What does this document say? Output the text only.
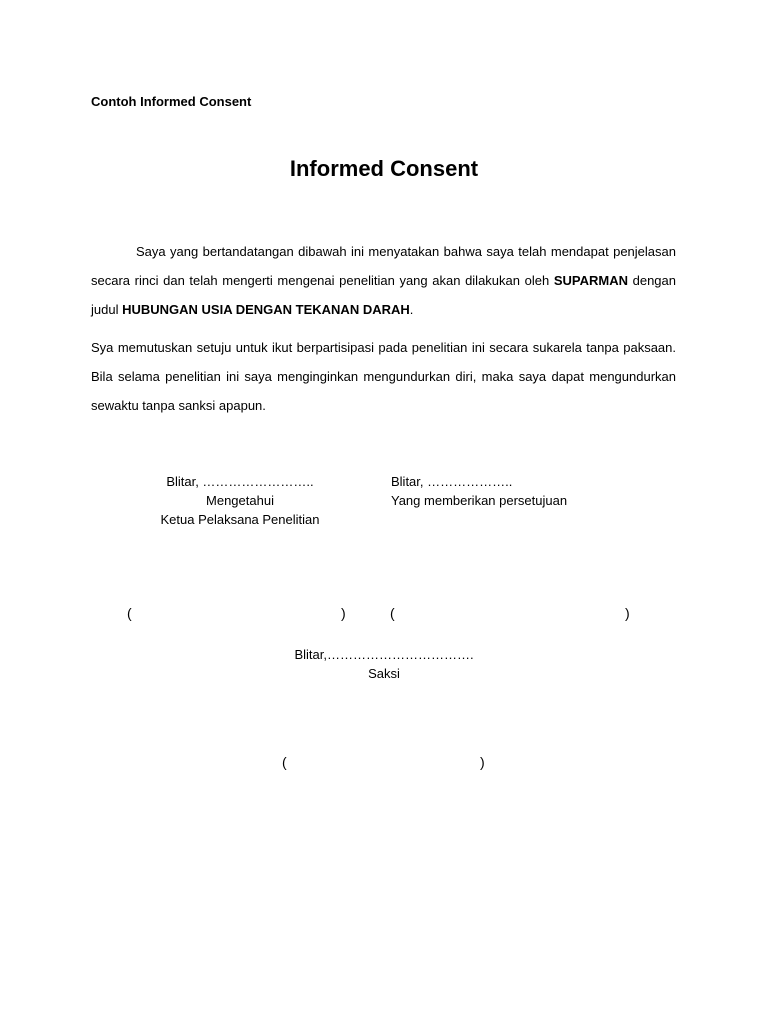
Contoh Informed Consent
Informed Consent

Saya yang bertandatangan dibawah ini menyatakan bahwa saya telah mendapat penjelasan secara rinci dan telah mengerti mengenai penelitian yang akan dilakukan oleh SUPARMAN dengan judul HUBUNGAN USIA DENGAN TEKANAN DARAH.

Sya memutuskan setuju untuk ikut berpartisipasi pada penelitian ini secara sukarela tanpa paksaan. Bila selama penelitian ini saya menginginkan mengundurkan diri, maka saya dapat mengundurkan sewaktu tanpa sanksi apapun.

Blitar, ……………………..
Mengetahui
Ketua Pelaksana Penelitian
Blitar, ………………..
Yang memberikan persetujuan
(	)	(	)
Blitar,…………………………….
Saksi
(	)
